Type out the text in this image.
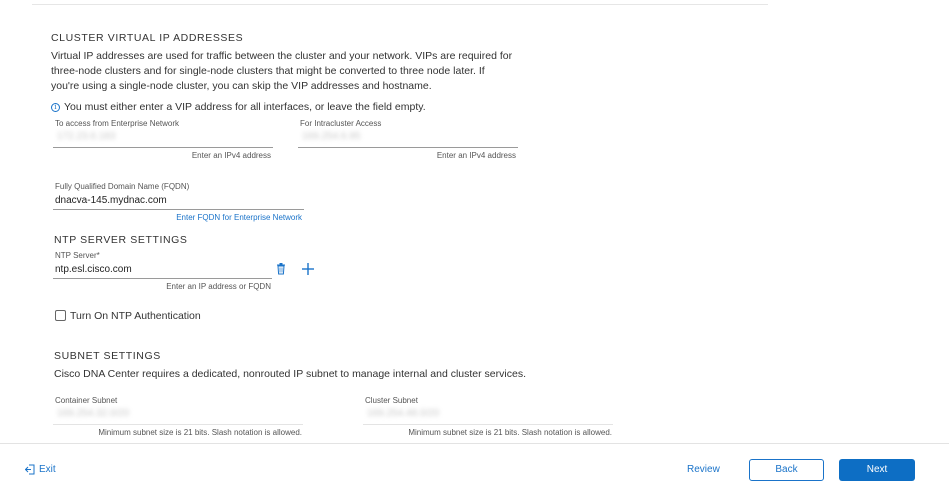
CLUSTER VIRTUAL IP ADDRESSES
Virtual IP addresses are used for traffic between the cluster and your network. VIPs are required for
three-node clusters and for single-node clusters that might be converted to three node later. If
you're using a single-node cluster, you can skip the VIP addresses and hostname.
i You must either enter a VIP address for all interfaces, or leave the field empty.
To access from Enterprise Network
172.23.6.183
Enter an IPv4 address
For Intracluster Access
169.254.6.95
Enter an IPv4 address
Fully Qualified Domain Name (FQDN)
dnacva-145.mydnac.com
Enter FQDN for Enterprise Network
NTP SERVER SETTINGS
NTP Server*
ntp.esl.cisco.com
Enter an IP address or FQDN
Turn On NTP Authentication
SUBNET SETTINGS
Cisco DNA Center requires a dedicated, nonrouted IP subnet to manage internal and cluster services.
Container Subnet
169.254.32.0/20
Minimum subnet size is 21 bits. Slash notation is allowed.
Cluster Subnet
169.254.48.0/20
Minimum subnet size is 21 bits. Slash notation is allowed.
Exit	Review	Back	Next
